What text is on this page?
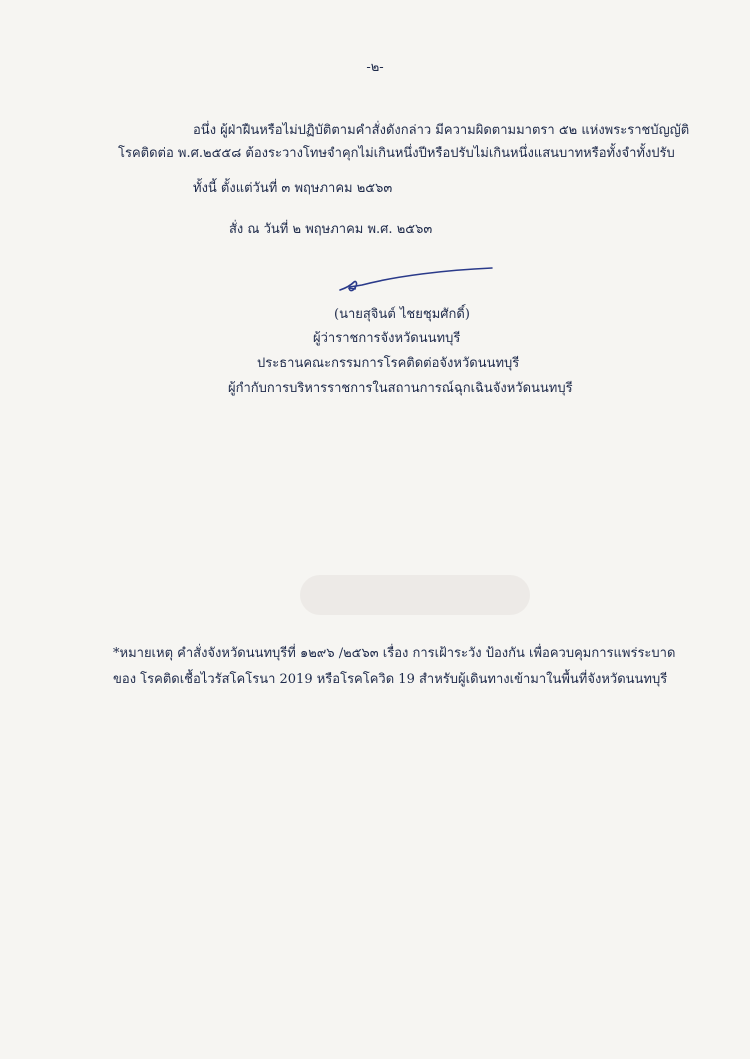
-๒-
อนึ่ง ผู้ฝ่าฝืนหรือไม่ปฏิบัติตามคำสั่งดังกล่าว มีความผิดตามมาตรา ๕๒ แห่งพระราชบัญญัติ
โรคติดต่อ พ.ศ.๒๕๕๘ ต้องระวางโทษจำคุกไม่เกินหนึ่งปีหรือปรับไม่เกินหนึ่งแสนบาทหรือทั้งจำทั้งปรับ
ทั้งนี้ ตั้งแต่วันที่ ๓ พฤษภาคม ๒๕๖๓
สั่ง ณ วันที่ ๒ พฤษภาคม พ.ศ. ๒๕๖๓
(นายสุจินต์ ไชยชุมศักดิ์)
ผู้ว่าราชการจังหวัดนนทบุรี
ประธานคณะกรรมการโรคติดต่อจังหวัดนนทบุรี
ผู้กำกับการบริหารราชการในสถานการณ์ฉุกเฉินจังหวัดนนทบุรี
*หมายเหตุ คำสั่งจังหวัดนนทบุรีที่ ๑๒๙๖ /๒๕๖๓ เรื่อง การเฝ้าระวัง ป้องกัน เพื่อควบคุมการแพร่ระบาด
ของ โรคติดเชื้อไวรัสโคโรนา 2019 หรือโรคโควิด 19 สำหรับผู้เดินทางเข้ามาในพื้นที่จังหวัดนนทบุรี
